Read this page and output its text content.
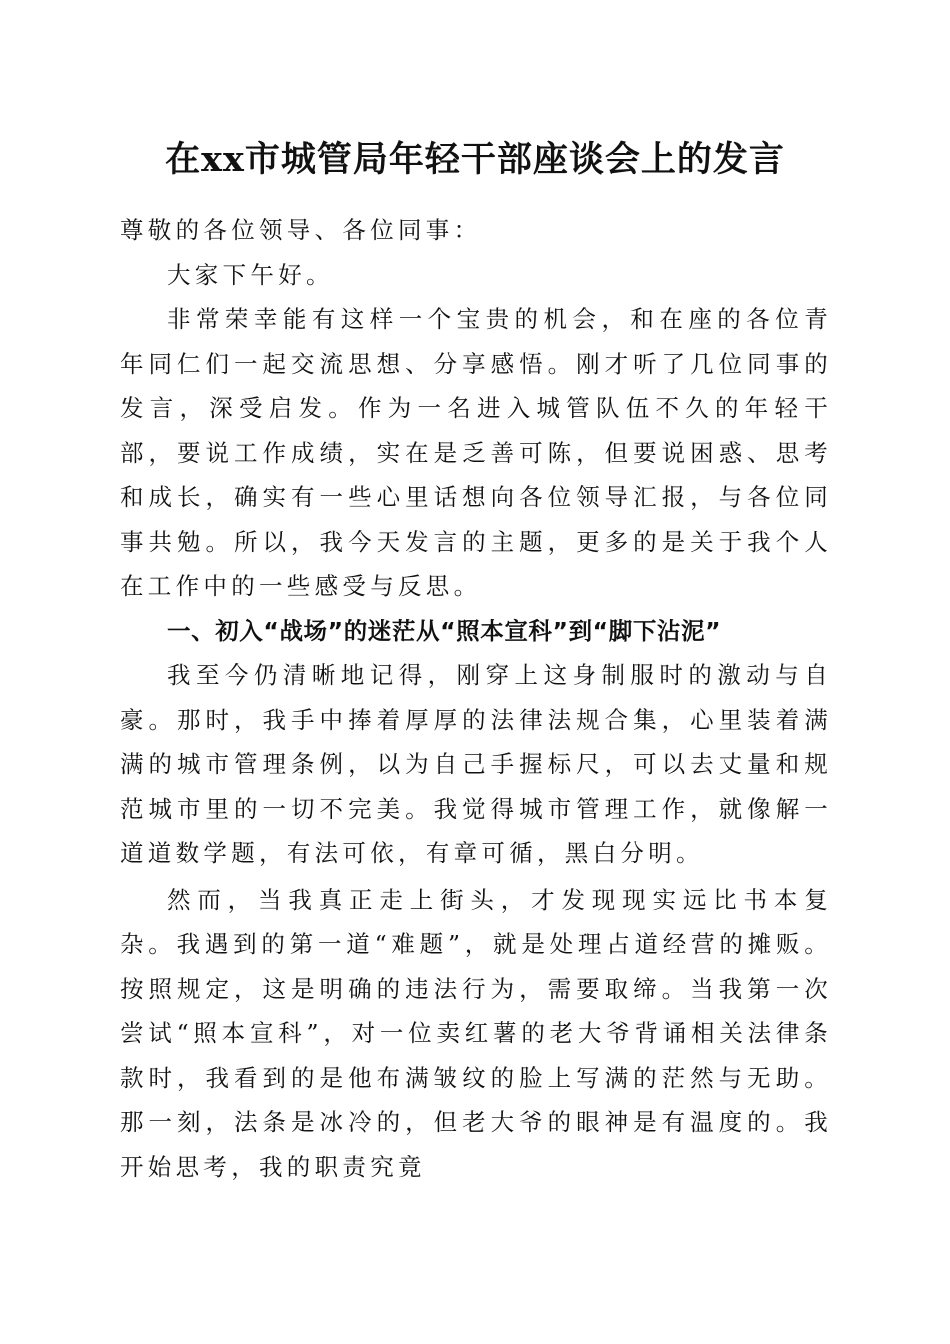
在xx市城管局年轻干部座谈会上的发言

尊敬的各位领导、各位同事：

大家下午好。

非常荣幸能有这样一个宝贵的机会，和在座的各位青年同仁们一起交流思想、分享感悟。刚才听了几位同事的发言，深受启发。作为一名进入城管队伍不久的年轻干部，要说工作成绩，实在是乏善可陈，但要说困惑、思考和成长，确实有一些心里话想向各位领导汇报，与各位同事共勉。所以，我今天发言的主题，更多的是关于我个人在工作中的一些感受与反思。

一、初入“战场”的迷茫从“照本宣科”到“脚下沾泥”

我至今仍清晰地记得，刚穿上这身制服时的激动与自豪。那时，我手中捧着厚厚的法律法规合集，心里装着满满的城市管理条例，以为自己手握标尺，可以去丈量和规范城市里的一切不完美。我觉得城市管理工作，就像解一道道数学题，有法可依，有章可循，黑白分明。

然而，当我真正走上街头，才发现现实远比书本复杂。我遇到的第一道“难题”，就是处理占道经营的摊贩。按照规定，这是明确的违法行为，需要取缔。当我第一次尝试“照本宣科”，对一位卖红薯的老大爷背诵相关法律条款时，我看到的是他布满皱纹的脸上写满的茫然与无助。那一刻，法条是冰冷的，但老大爷的眼神是有温度的。我开始思考，我的职责究竟
